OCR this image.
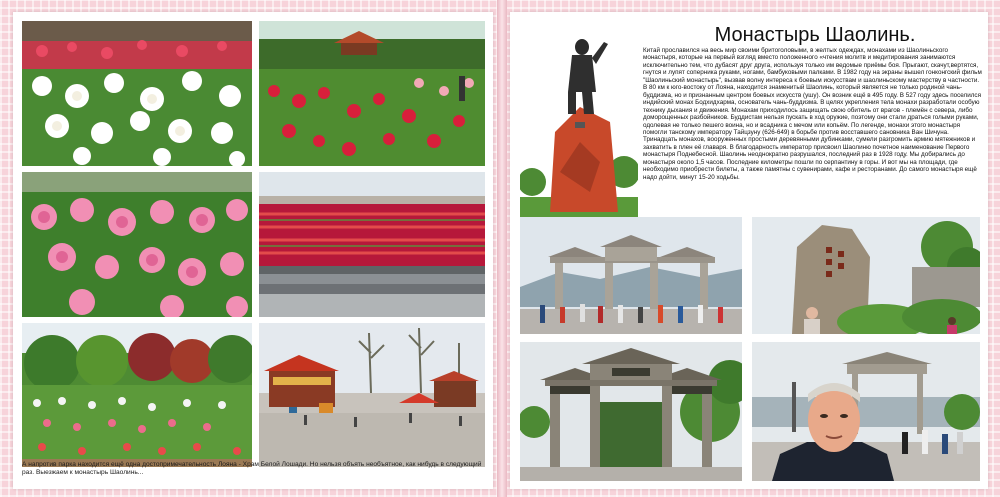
А напротив парка находится ещё одна достопримечательность Лояна - Храм Белой Лошади. Но нельзя объять необъятное, как нибудь в следующий раз. Выезжаем к монастырь Шаолинь...
Монастырь Шаолинь.
Китай прославился на весь мир своими бритоголовыми, в желтых одеждах, монахами из Шаолиньского монастыря, которые на первый взгляд вместо положенного «чтения молитв и медитирования занимаются исключительно тем, что дубасят друг друга, используя только им ведомые приёмы боя. Прыгают, скачут,вертятся, гнутся и лупят соперника руками, ногами, бамбуковыми палками. В 1982 году на экраны вышел гонконгский фильм "Шаолиньский монастырь", вызвав волну интереса к боевым искусствам и шаолиньскому мастерству в частности. В 80 км к юго-востоку от Лояна, находится знаменитый Шаолинь, который является не только родиной чань-буддизма, но и признанным центром боевых искусств (ушу). Он возник ещё в 495 году. В 527 году здесь поселился индийский монах Бодхидхарма, основатель чань-буддизма. В целях укрепления тела монахи разработали особую технику дыхания и движения. Монахам приходилось защищать свою обитель от врагов - племён с севера, либо доморощенных разбойников. Буддистам нельзя пускать в ход оружие, поэтому они стали драться голыми руками, одолевая не только пешего воина, но и всадника с мечом или копьём. По легенде, монахи этого монастыря помогли танскому императору Тайцзуну (626-649) в борьбе против восставшего сановника Ван Шичуна. Тринадцать монахов, вооруженных простыми деревянными дубинками, сумели разгромить армию мятежников и захватить в плен её главаря. В благодарность император присвоил Шаолиню почетное наименование Первого монастыря Поднебесной. Шаолинь неоднократно разрушался, последний раз в 1928 году. Мы добирались до монастыря около 1,5 часов. Последние километры пошли по серпантину в горы. И вот мы на площади, где необходимо приобрести билеты, а также памятны с сувенирами, кафе и ресторанами. До самого монастыря ещё надо дойти, минут 15-20 ходьбы.
